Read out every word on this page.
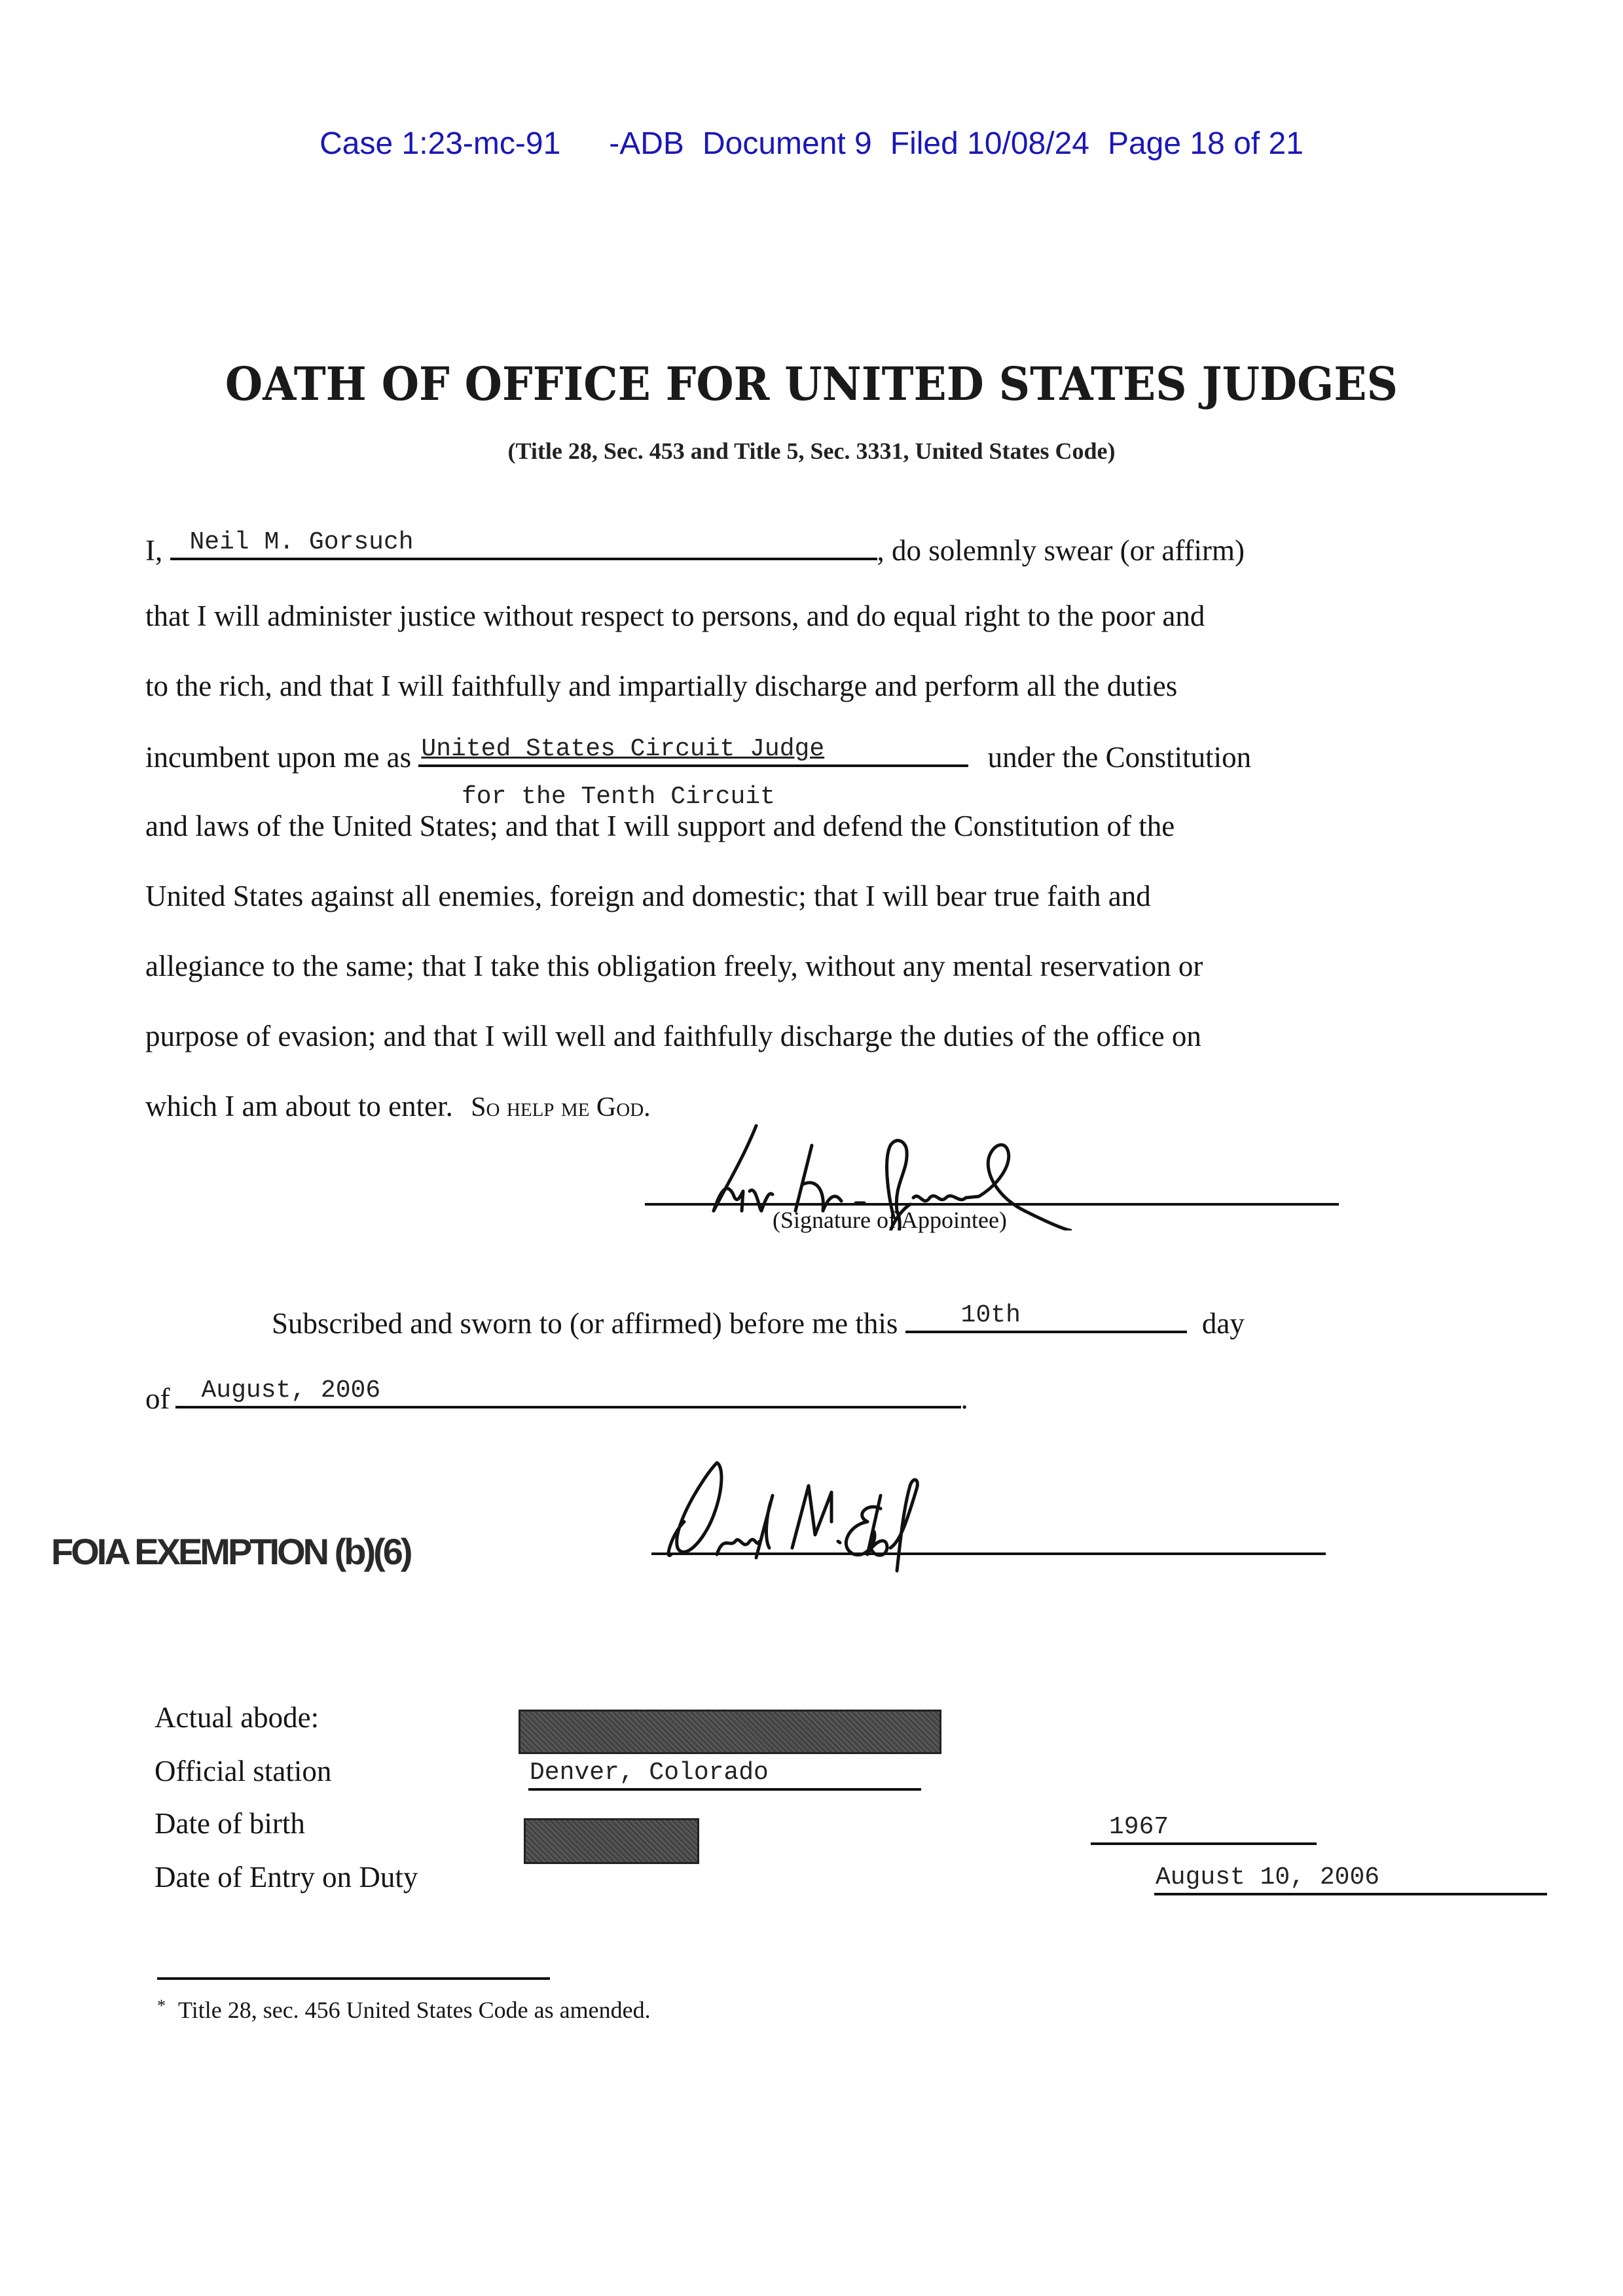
Case 1:23-mc-91 -ADB Document 9 Filed 10/08/24 Page 18 of 21
OATH OF OFFICE FOR UNITED STATES JUDGES
(Title 28, Sec. 453 and Title 5, Sec. 3331, United States Code)
I, Neil M. Gorsuch	, do solemnly swear (or affirm)
that I will administer justice without respect to persons, and do equal right to the poor and
to the rich, and that I will faithfully and impartially discharge and perform all the duties
incumbent upon me as United States Circuit Judge	under the Constitution
for the Tenth Circuit
and laws of the United States; and that I will support and defend the Constitution of the
United States against all enemies, foreign and domestic; that I will bear true faith and
allegiance to the same; that I take this obligation freely, without any mental reservation or
purpose of evasion; and that I will well and faithfully discharge the duties of the office on
which I am about to enter. So help me God.
(Signature of Appointee)
Subscribed and sworn to (or affirmed) before me this	10th	day
of August, 2006	.
FOIA EXEMPTION (b)(6)
Actual abode:
Official station	Denver, Colorado

Date of birth	1967

Date of Entry on Duty	August 10, 2006
* Title 28, sec. 456 United States Code as amended.
